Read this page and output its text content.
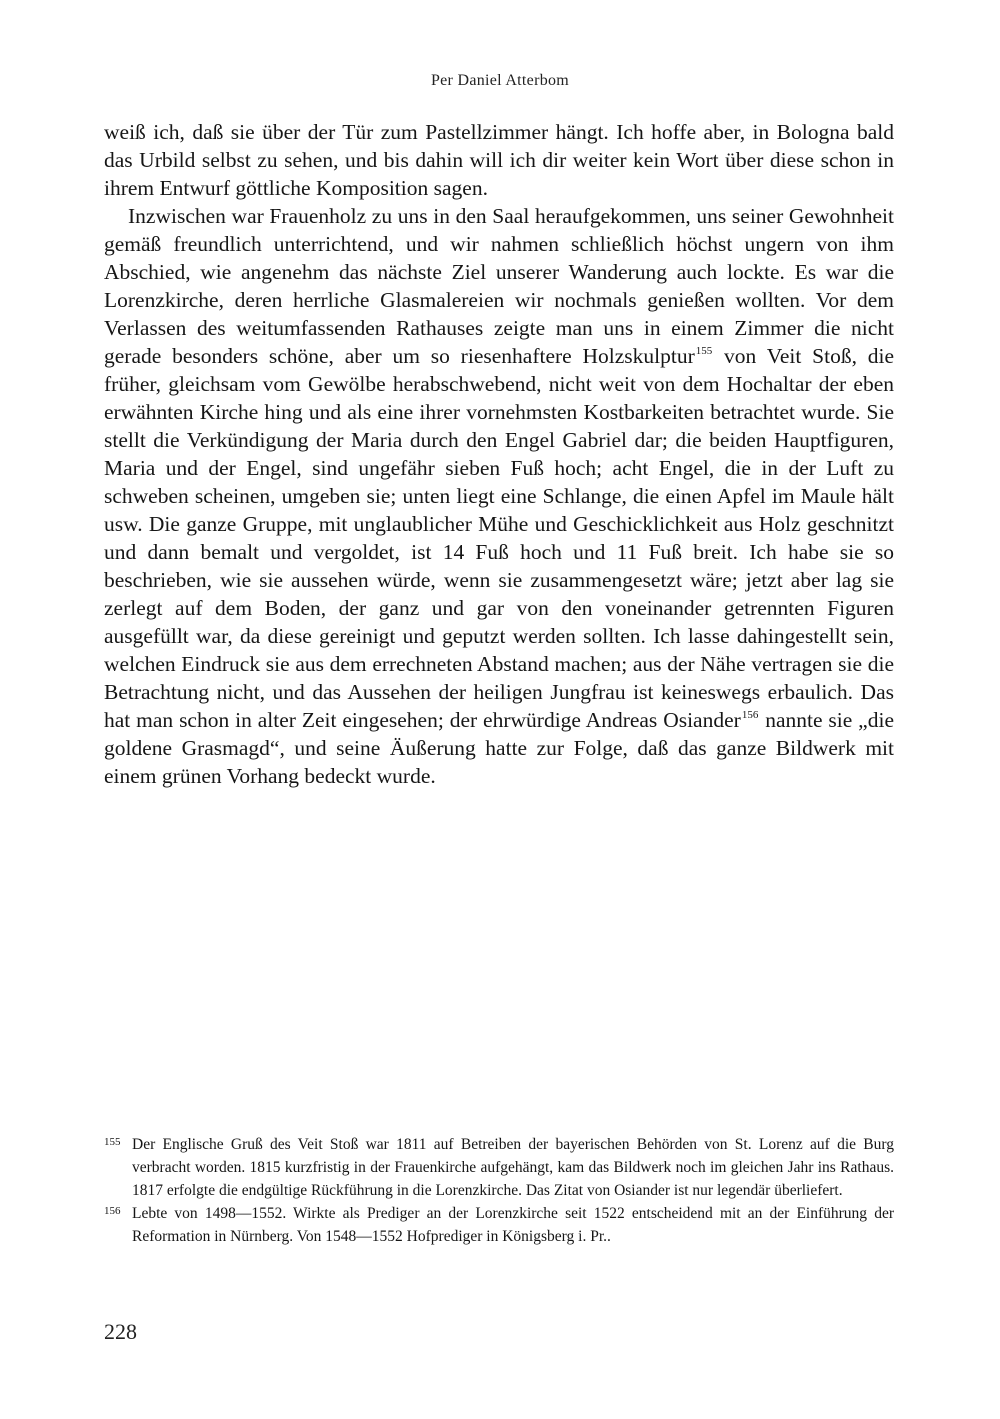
Per Daniel Atterbom

weiß ich, daß sie über der Tür zum Pastellzimmer hängt. Ich hoffe aber, in Bologna bald das Urbild selbst zu sehen, und bis dahin will ich dir weiter kein Wort über diese schon in ihrem Entwurf göttliche Komposition sagen.

Inzwischen war Frauenholz zu uns in den Saal heraufgekommen, uns seiner Gewohnheit gemäß freundlich unterrichtend, und wir nahmen schließlich höchst ungern von ihm Abschied, wie angenehm das nächste Ziel unserer Wanderung auch lockte. Es war die Lorenzkirche, deren herrliche Glasmalereien wir nochmals genießen wollten. Vor dem Verlassen des weitumfassenden Rathauses zeigte man uns in einem Zimmer die nicht gerade besonders schöne, aber um so riesenhaftere Holzskulptur$^{155}$ von Veit Stoß, die früher, gleichsam vom Gewölbe herabschwebend, nicht weit von dem Hochaltar der eben erwähnten Kirche hing und als eine ihrer vornehmsten Kostbarkeiten betrachtet wurde. Sie stellt die Verkündigung der Maria durch den Engel Gabriel dar; die beiden Hauptfiguren, Maria und der Engel, sind ungefähr sieben Fuß hoch; acht Engel, die in der Luft zu schweben scheinen, umgeben sie; unten liegt eine Schlange, die einen Apfel im Maule hält usw. Die ganze Gruppe, mit unglaublicher Mühe und Geschicklichkeit aus Holz geschnitzt und dann bemalt und vergoldet, ist 14 Fuß hoch und 11 Fuß breit. Ich habe sie so beschrieben, wie sie aussehen würde, wenn sie zusammengesetzt wäre; jetzt aber lag sie zerlegt auf dem Boden, der ganz und gar von den voneinander getrennten Figuren ausgefüllt war, da diese gereinigt und geputzt werden sollten. Ich lasse dahingestellt sein, welchen Eindruck sie aus dem errechneten Abstand machen; aus der Nähe vertragen sie die Betrachtung nicht, und das Aussehen der heiligen Jungfrau ist keineswegs erbaulich. Das hat man schon in alter Zeit eingesehen; der ehrwürdige Andreas Osiander$^{156}$ nannte sie „die goldene Grasmagd“, und seine Äußerung hatte zur Folge, daß das ganze Bildwerk mit einem grünen Vorhang bedeckt wurde.

155 Der Englische Gruß des Veit Stoß war 1811 auf Betreiben der bayerischen Behörden von St. Lorenz auf die Burg verbracht worden. 1815 kurzfristig in der Frauenkirche aufgehängt, kam das Bildwerk noch im gleichen Jahr ins Rathaus. 1817 erfolgte die endgültige Rückführung in die Lorenzkirche. Das Zitat von Osiander ist nur legendär überliefert.
156 Lebte von 1498—1552. Wirkte als Prediger an der Lorenzkirche seit 1522 entscheidend mit an der Einführung der Reformation in Nürnberg. Von 1548—1552 Hofprediger in Königsberg i. Pr..
228
